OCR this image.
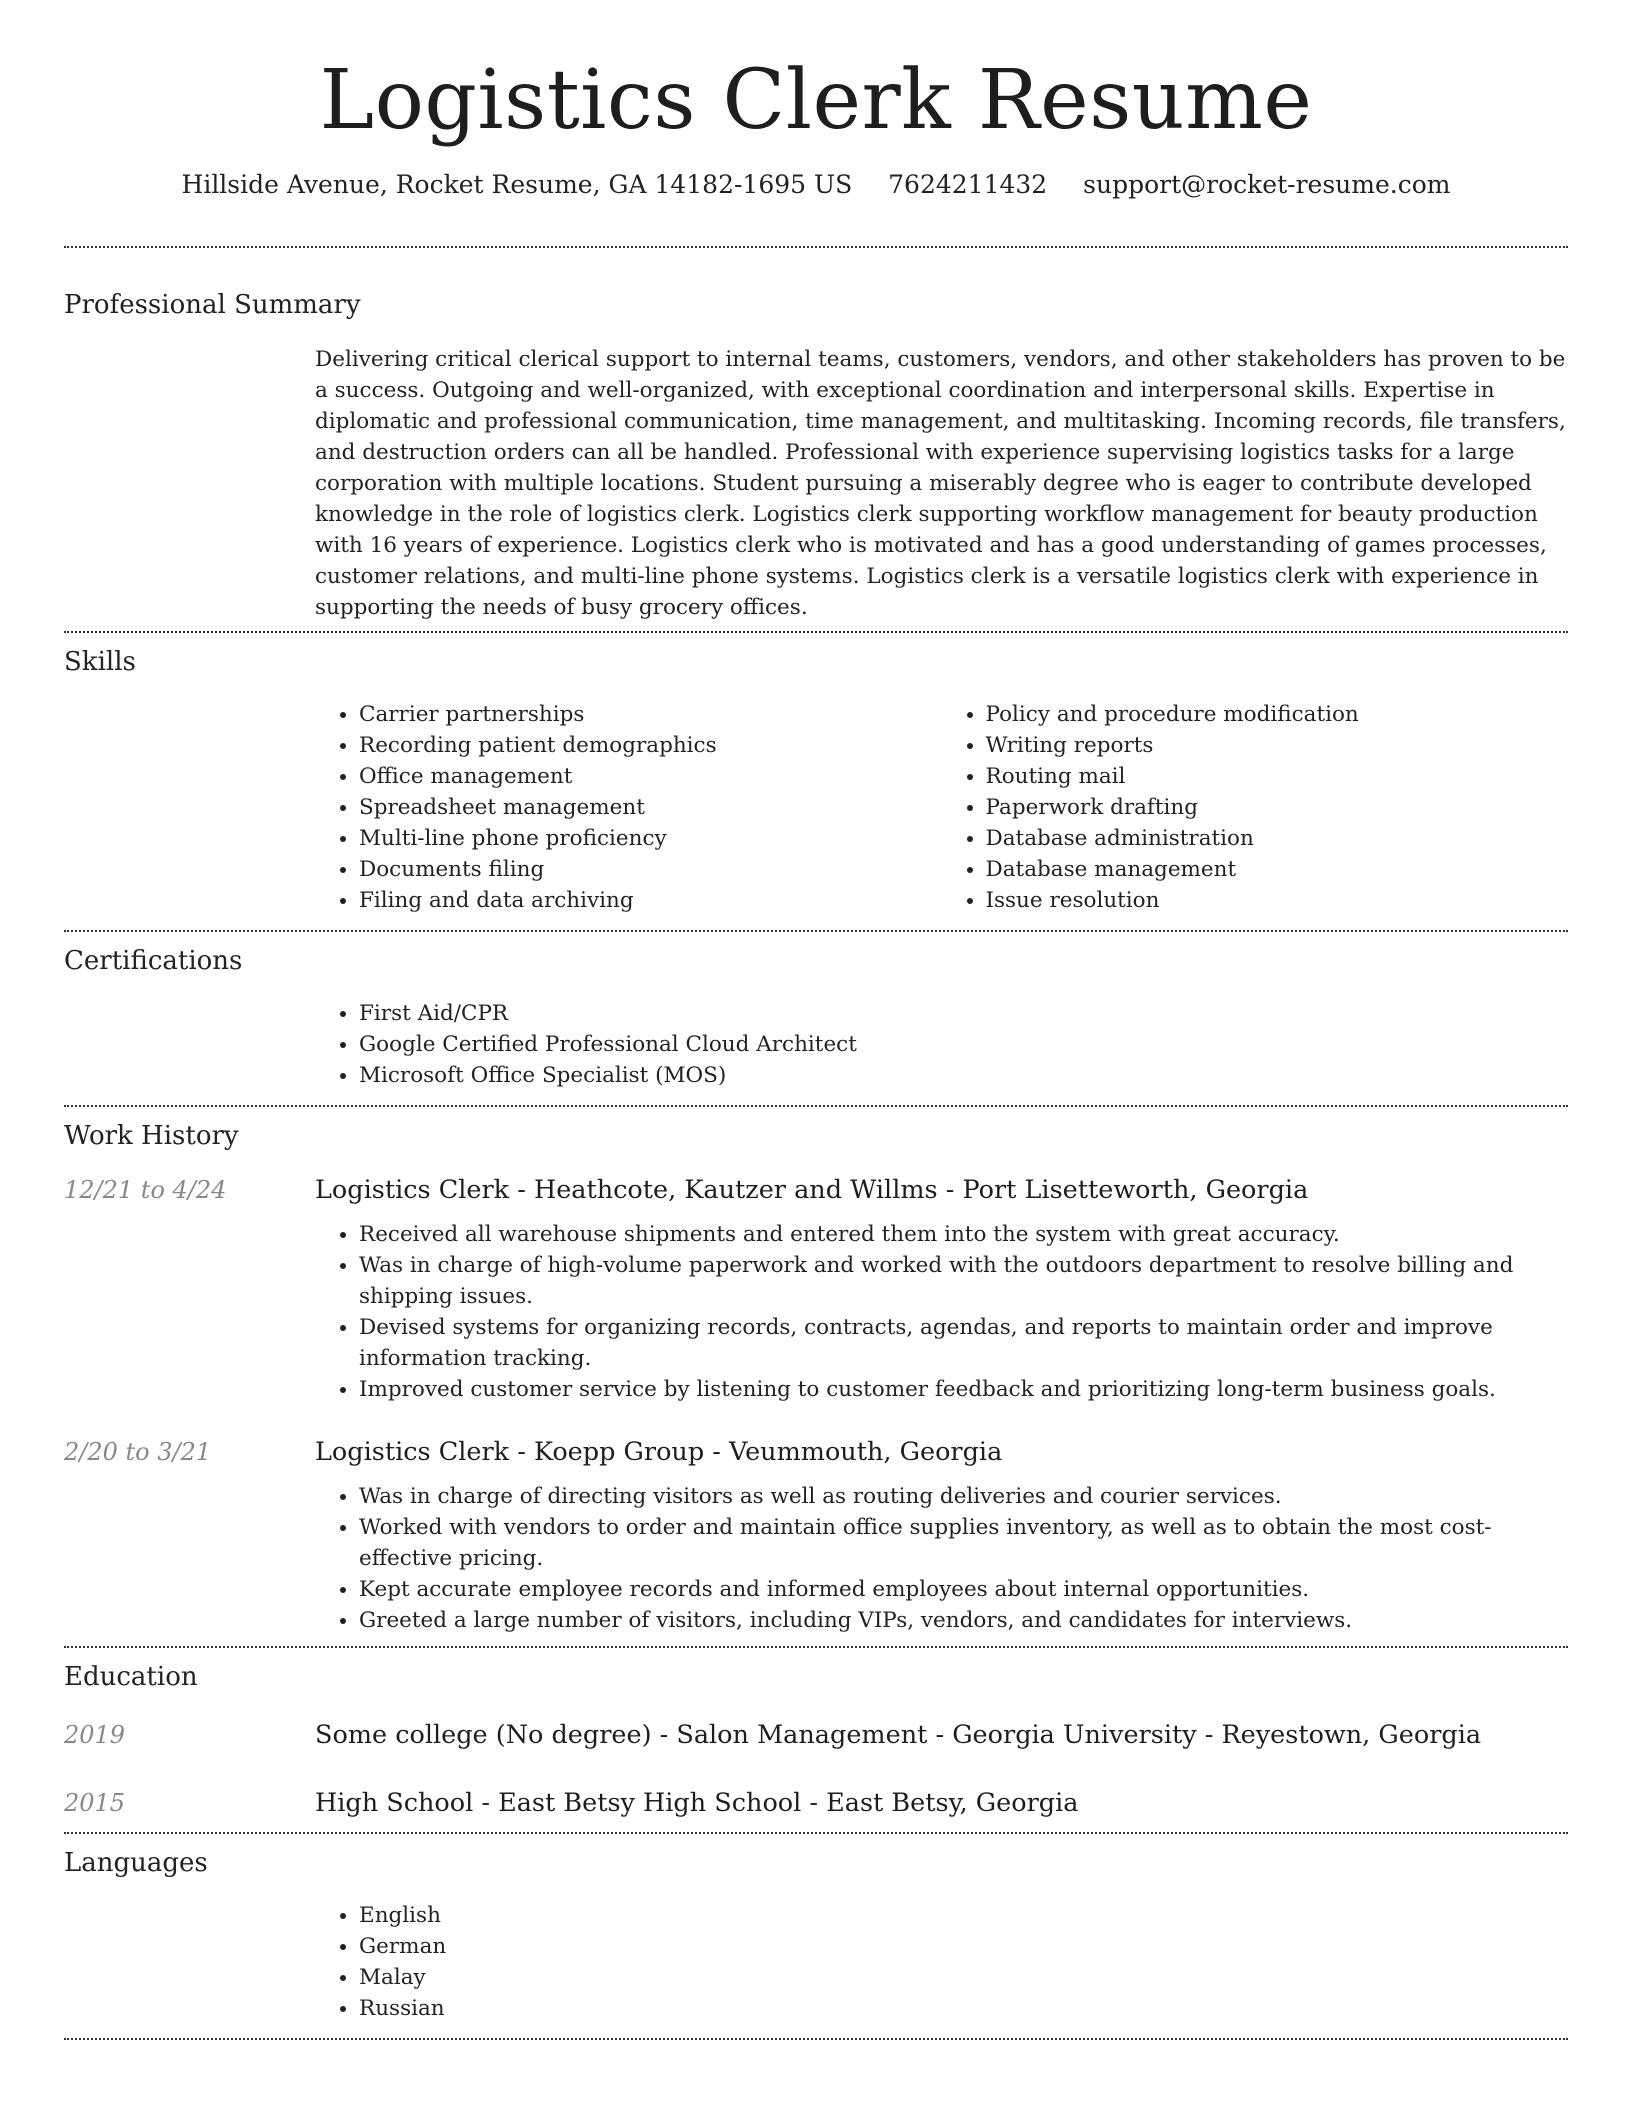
Logistics Clerk Resume
Hillside Avenue, Rocket Resume, GA 14182-1695 US 7624211432 support@rocket-resume.com
Professional Summary
Delivering critical clerical support to internal teams, customers, vendors, and other stakeholders has proven to be a success. Outgoing and well-organized, with exceptional coordination and interpersonal skills. Expertise in diplomatic and professional communication, time management, and multitasking. Incoming records, file transfers, and destruction orders can all be handled. Professional with experience supervising logistics tasks for a large corporation with multiple locations. Student pursuing a miserably degree who is eager to contribute developed knowledge in the role of logistics clerk. Logistics clerk supporting workflow management for beauty production with 16 years of experience. Logistics clerk who is motivated and has a good understanding of games processes, customer relations, and multi-line phone systems. Logistics clerk is a versatile logistics clerk with experience in supporting the needs of busy grocery offices.
Skills
• Carrier partnerships
• Recording patient demographics
• Office management
• Spreadsheet management
• Multi-line phone proficiency
• Documents filing
• Filing and data archiving
• Policy and procedure modification
• Writing reports
• Routing mail
• Paperwork drafting
• Database administration
• Database management
• Issue resolution
Certifications
• First Aid/CPR
• Google Certified Professional Cloud Architect
• Microsoft Office Specialist (MOS)
Work History
12/21 to 4/24	Logistics Clerk - Heathcote, Kautzer and Willms - Port Lisetteworth, Georgia
• Received all warehouse shipments and entered them into the system with great accuracy.
• Was in charge of high-volume paperwork and worked with the outdoors department to resolve billing and shipping issues.
• Devised systems for organizing records, contracts, agendas, and reports to maintain order and improve information tracking.
• Improved customer service by listening to customer feedback and prioritizing long-term business goals.
2/20 to 3/21	Logistics Clerk - Koepp Group - Veummouth, Georgia
• Was in charge of directing visitors as well as routing deliveries and courier services.
• Worked with vendors to order and maintain office supplies inventory, as well as to obtain the most cost-effective pricing.
• Kept accurate employee records and informed employees about internal opportunities.
• Greeted a large number of visitors, including VIPs, vendors, and candidates for interviews.
Education
2019	Some college (No degree) - Salon Management - Georgia University - Reyestown, Georgia
2015	High School - East Betsy High School - East Betsy, Georgia
Languages
• English
• German
• Malay
• Russian
